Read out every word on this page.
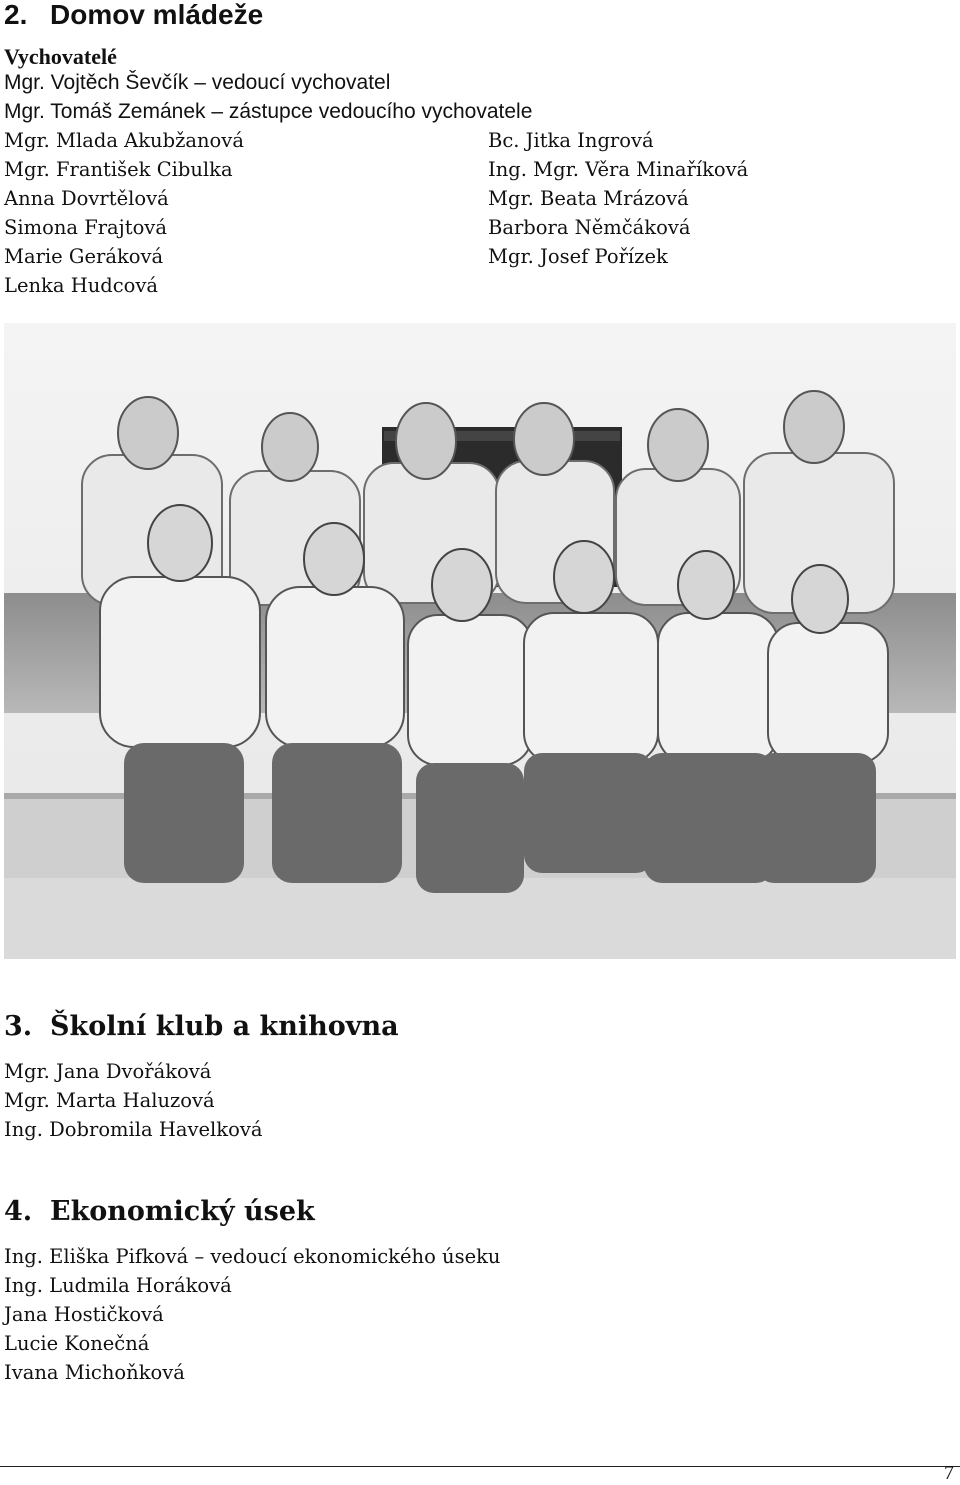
2. Domov mládeže
Vychovatelé
Mgr. Vojtěch Ševčík – vedoucí vychovatel
Mgr. Tomáš Zemánek – zástupce vedoucího vychovatele
Mgr. Mlada Akubžanová
Mgr. František Cibulka
Anna Dovrtělová
Simona Frajtová
Marie Geráková
Lenka Hudcová
Bc. Jitka Ingrová
Ing. Mgr. Věra Minaříková
Mgr. Beata Mrázová
Barbora Němčáková
Mgr. Josef Pořízek
3. Školní klub a knihovna
Mgr. Jana Dvořáková
Mgr. Marta Haluzová
Ing. Dobromila Havelková
4. Ekonomický úsek
Ing. Eliška Pifková – vedoucí ekonomického úseku
Ing. Ludmila Horáková
Jana Hostičková
Lucie Konečná
Ivana Michoňková
7
